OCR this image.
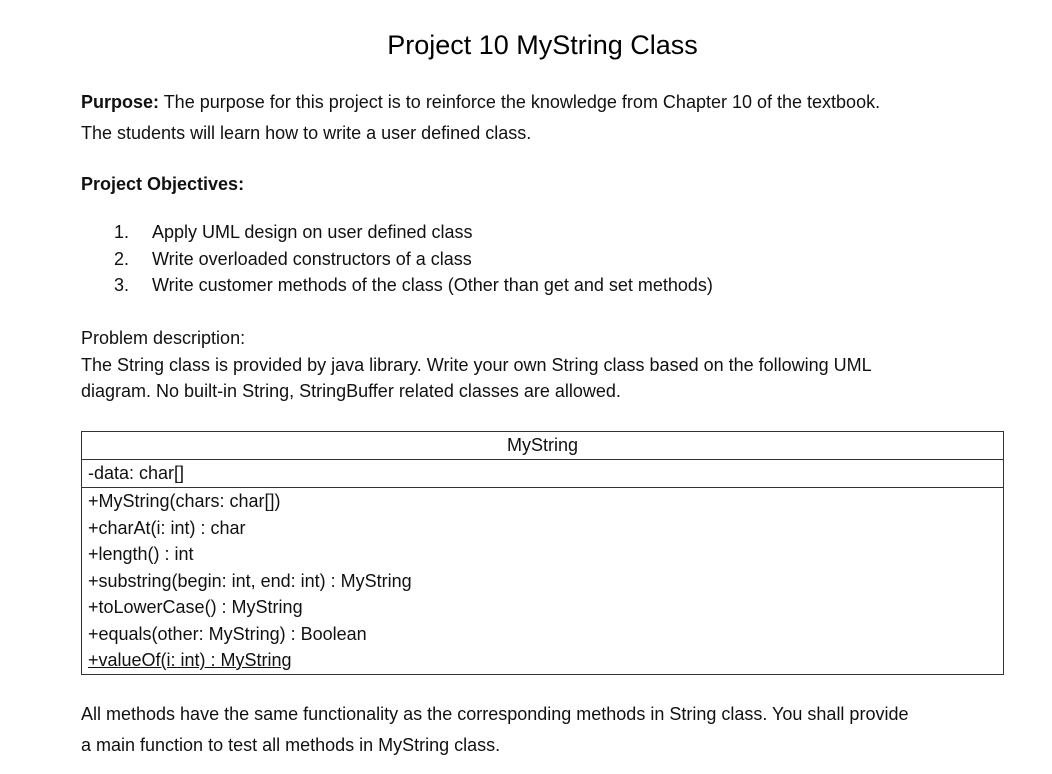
Project 10 MyString Class
Purpose: The purpose for this project is to reinforce the knowledge from Chapter 10 of the textbook.
The students will learn how to write a user defined class.
Project Objectives:
1.	Apply UML design on user defined class
2.	Write overloaded constructors of a class
3.	Write customer methods of the class (Other than get and set methods)
Problem description:
The String class is provided by java library. Write your own String class based on the following UML
diagram. No built-in String, StringBuffer related classes are allowed.
MyString
-data: char[]
+MyString(chars: char[])
+charAt(i: int) : char
+length() : int
+substring(begin: int, end: int) : MyString
+toLowerCase() : MyString
+equals(other: MyString) : Boolean
+valueOf(i: int) : MyString
All methods have the same functionality as the corresponding methods in String class. You shall provide
a main function to test all methods in MyString class.
